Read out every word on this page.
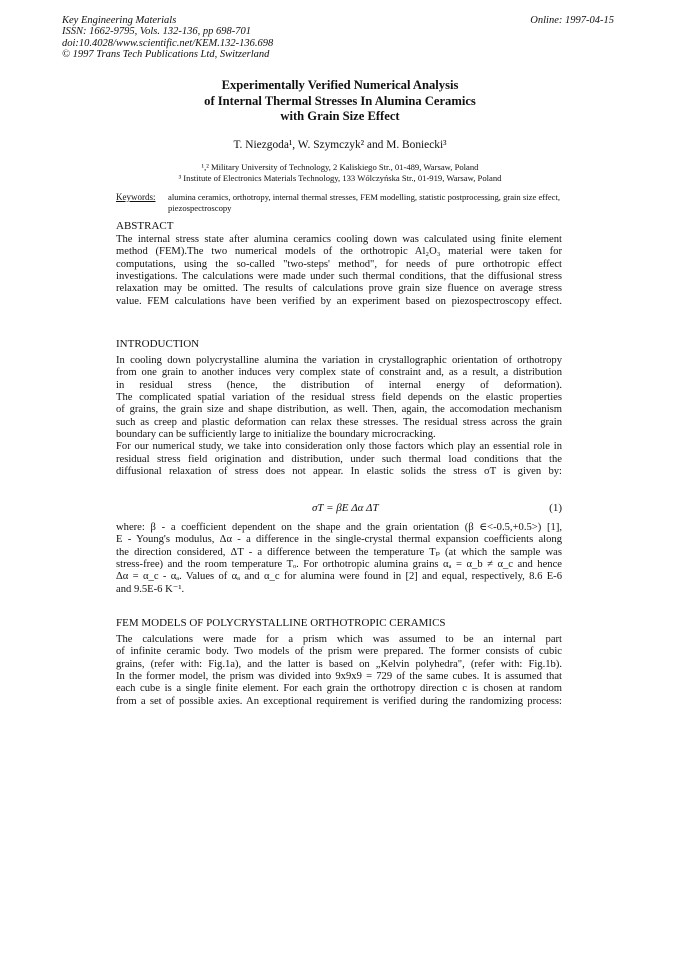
Key Engineering Materials
ISSN: 1662-9795, Vols. 132-136, pp 698-701
doi:10.4028/www.scientific.net/KEM.132-136.698
© 1997 Trans Tech Publications Ltd, Switzerland
Online: 1997-04-15
Experimentally Verified Numerical Analysis
of Internal Thermal Stresses In Alumina Ceramics
with Grain Size Effect
T. Niezgoda¹, W. Szymczyk² and M. Boniecki³
¹,² Military University of Technology, 2 Kaliskiego Str., 01-489, Warsaw, Poland
³ Institute of Electronics Materials Technology, 133 Wólczyńska Str., 01-919, Warsaw, Poland
Keywords: alumina ceramics, orthotropy, internal thermal stresses, FEM modelling, statistic postprocessing, grain size effect, piezospectroscopy
ABSTRACT
The internal stress state after alumina ceramics cooling down was calculated using finite element
method (FEM).The two numerical models of the orthotropic Al₂O₃ material were taken for
computations, using the so-called "two-steps' method", for needs of pure orthotropic effect
investigations. The calculations were made under such thermal conditions, that the diffusional stress
relaxation may be omitted. The results of calculations prove grain size fluence on average stress
value. FEM calculations have been verified by an experiment based on piezospectroscopy effect.
INTRODUCTION
In cooling down polycrystalline alumina the variation in crystallographic orientation of orthotropy
from one grain to another induces very complex state of constraint and, as a result, a distribution
in residual stress (hence, the distribution of internal energy of deformation).
The complicated spatial variation of the residual stress field depends on the elastic properties
of grains, the grain size and shape distribution, as well. Then, again, the accomodation mechanism
such as creep and plastic deformation can relax these stresses. The residual stress across the grain
boundary can be sufficiently large to initialize the boundary microcracking.
For our numerical study, we take into consideration only those factors which play an essential role in
residual stress field origination and distribution, under such thermal load conditions that the
diffusional relaxation of stress does not appear. In elastic solids the stress σT is given by:
σT = βE Δα ΔT	(1)
where: β - a coefficient dependent on the shape and the grain orientation (β ∈<-0.5,+0.5>) [1],
E - Young's modulus, Δα - a difference in the single-crystal thermal expansion coefficients along
the direction considered, ΔT - a difference between the temperature Tₚ (at which the sample was
stress-free) and the room temperature Tₒ. For orthotropic alumina grains αₐ = α_b ≠ α_c and hence
Δα = α_c - αₐ. Values of αₐ and α_c for alumina were found in [2] and equal, respectively, 8.6 E-6
and 9.5E-6 K⁻¹.
FEM MODELS OF POLYCRYSTALLINE ORTHOTROPIC CERAMICS
The calculations were made for a prism which was assumed to be an internal part
of infinite ceramic body. Two models of the prism were prepared. The former consists of cubic
grains, (refer with: Fig.1a), and the latter is based on „Kelvin polyhedra", (refer with: Fig.1b).
In the former model, the prism was divided into 9x9x9 = 729 of the same cubes. It is assumed that
each cube is a single finite element. For each grain the orthotropy direction c is chosen at random
from a set of possible axies. An exceptional requirement is verified during the randomizing process:
